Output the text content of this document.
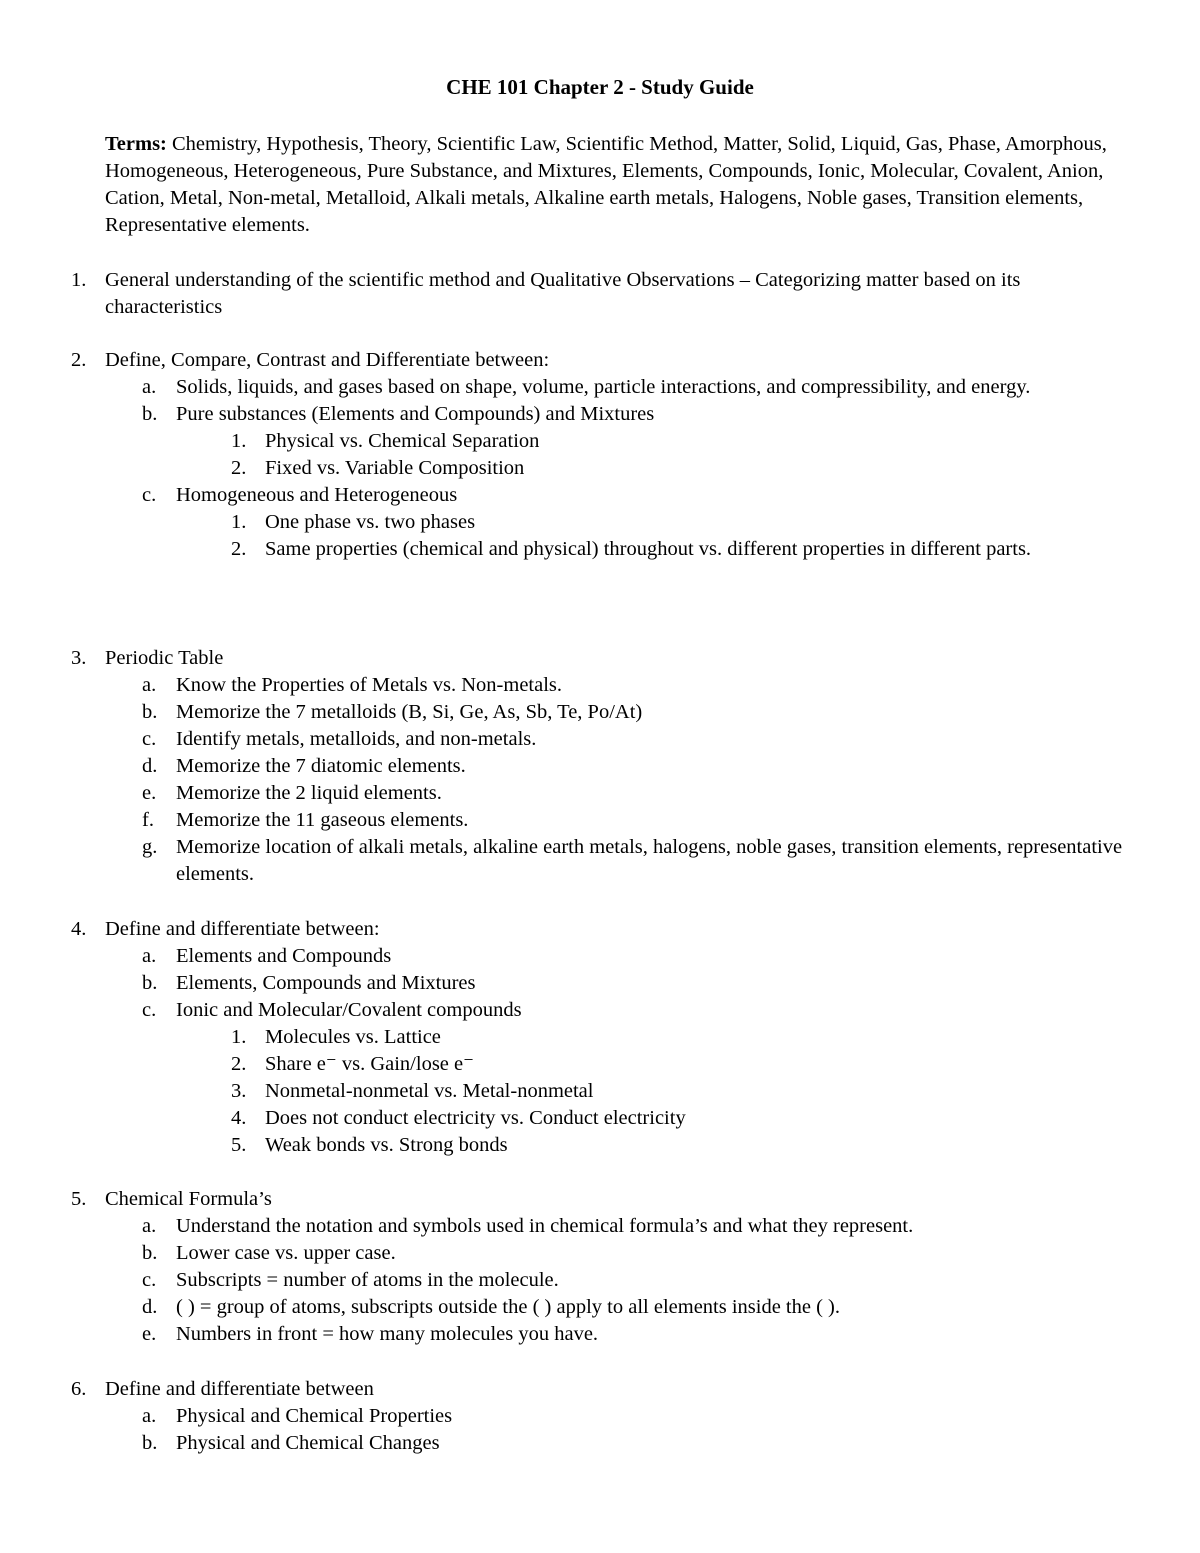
CHE 101 Chapter 2 - Study Guide
Terms: Chemistry, Hypothesis, Theory, Scientific Law, Scientific Method, Matter, Solid, Liquid, Gas, Phase, Amorphous, Homogeneous, Heterogeneous, Pure Substance, and Mixtures, Elements, Compounds, Ionic, Molecular, Covalent, Anion, Cation, Metal, Non-metal, Metalloid, Alkali metals, Alkaline earth metals, Halogens, Noble gases, Transition elements, Representative elements.
1. General understanding of the scientific method and Qualitative Observations – Categorizing matter based on its characteristics
2. Define, Compare, Contrast and Differentiate between:
a. Solids, liquids, and gases based on shape, volume, particle interactions, and compressibility, and energy.
b. Pure substances (Elements and Compounds) and Mixtures
1. Physical vs. Chemical Separation
2. Fixed vs. Variable Composition
c. Homogeneous and Heterogeneous
1. One phase vs. two phases
2. Same properties (chemical and physical) throughout vs. different properties in different parts.
3. Periodic Table
a. Know the Properties of Metals vs. Non-metals.
b. Memorize the 7 metalloids (B, Si, Ge, As, Sb, Te, Po/At)
c. Identify metals, metalloids, and non-metals.
d. Memorize the 7 diatomic elements.
e. Memorize the 2 liquid elements.
f.	Memorize the 11 gaseous elements.
g. Memorize location of alkali metals, alkaline earth metals, halogens, noble gases, transition elements, representative elements.
4. Define and differentiate between:
a. Elements and Compounds
b. Elements, Compounds and Mixtures
c. Ionic and Molecular/Covalent compounds
1. Molecules vs. Lattice
2. Share e⁻ vs. Gain/lose e⁻
3. Nonmetal-nonmetal vs. Metal-nonmetal
4. Does not conduct electricity vs. Conduct electricity
5. Weak bonds vs. Strong bonds
5. Chemical Formula’s
a. Understand the notation and symbols used in chemical formula’s and what they represent.
b. Lower case vs. upper case.
c. Subscripts = number of atoms in the molecule.
d. ( ) = group of atoms, subscripts outside the ( ) apply to all elements inside the ( ).
e. Numbers in front = how many molecules you have.
6. Define and differentiate between
a. Physical and Chemical Properties
b. Physical and Chemical Changes
